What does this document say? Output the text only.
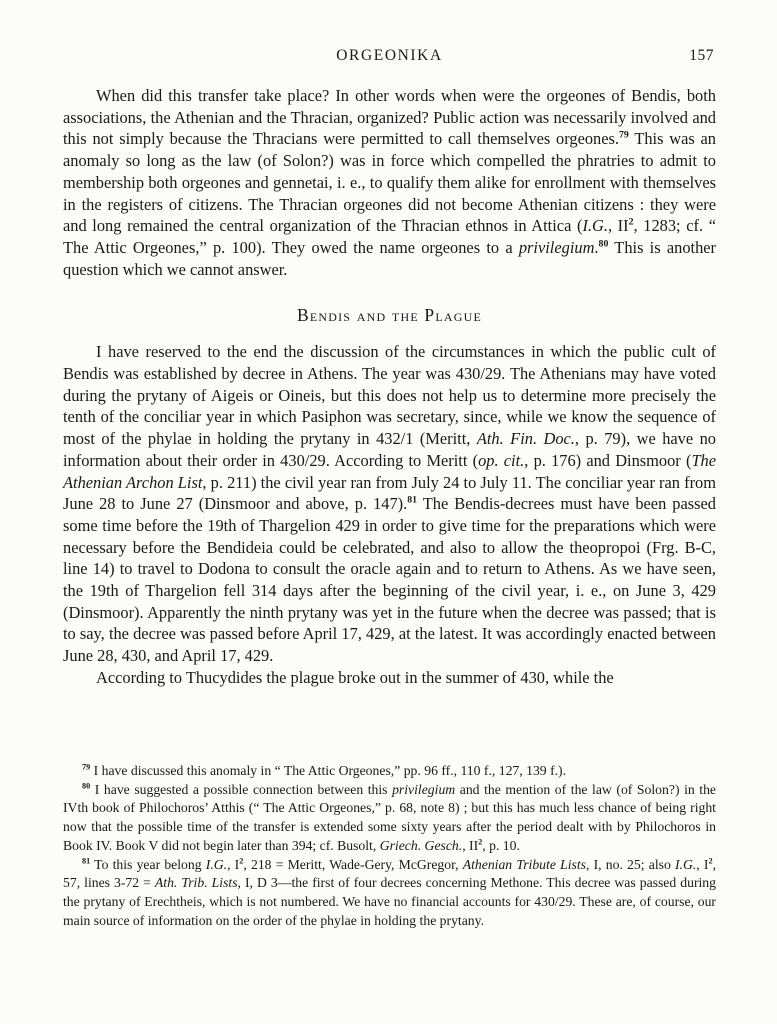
ORGEONIKA	157
When did this transfer take place? In other words when were the orgeones of Bendis, both associations, the Athenian and the Thracian, organized? Public action was necessarily involved and this not simply because the Thracians were permitted to call themselves orgeones.$^{79}$ This was an anomaly so long as the law (of Solon?) was in force which compelled the phratries to admit to membership both orgeones and gennetai, i. e., to qualify them alike for enrollment with themselves in the registers of citizens. The Thracian orgeones did not become Athenian citizens : they were and long remained the central organization of the Thracian ethnos in Attica (I.G., II$^2$, 1283; cf. “ The Attic Orgeones,” p. 100). They owed the name orgeones to a privilegium.$^{80}$ This is another question which we cannot answer.
Bendis and the Plague
I have reserved to the end the discussion of the circumstances in which the public cult of Bendis was established by decree in Athens. The year was 430/29. The Athenians may have voted during the prytany of Aigeis or Oineis, but this does not help us to determine more precisely the tenth of the conciliar year in which Pasiphon was secretary, since, while we know the sequence of most of the phylae in holding the prytany in 432/1 (Meritt, Ath. Fin. Doc., p. 79), we have no information about their order in 430/29. According to Meritt (op. cit., p. 176) and Dinsmoor (The Athenian Archon List, p. 211) the civil year ran from July 24 to July 11. The conciliar year ran from June 28 to June 27 (Dinsmoor and above, p. 147).$^{81}$ The Bendis-decrees must have been passed some time before the 19th of Thargelion 429 in order to give time for the preparations which were necessary before the Bendideia could be celebrated, and also to allow the theopropoi (Frg. B-C, line 14) to travel to Dodona to consult the oracle again and to return to Athens. As we have seen, the 19th of Thargelion fell 314 days after the beginning of the civil year, i. e., on June 3, 429 (Dinsmoor). Apparently the ninth prytany was yet in the future when the decree was passed; that is to say, the decree was passed before April 17, 429, at the latest. It was accordingly enacted between June 28, 430, and April 17, 429.
According to Thucydides the plague broke out in the summer of 430, while the
$^{79}$ I have discussed this anomaly in “ The Attic Orgeones,” pp. 96 ff., 110 f., 127, 139 f.).
$^{80}$ I have suggested a possible connection between this privilegium and the mention of the law (of Solon?) in the IVth book of Philochoros’ Atthis (“ The Attic Orgeones,” p. 68, note 8) ; but this has much less chance of being right now that the possible time of the transfer is extended some sixty years after the period dealt with by Philochoros in Book IV. Book V did not begin later than 394; cf. Busolt, Griech. Gesch., II$^2$, p. 10.
$^{81}$ To this year belong I.G., I$^2$, 218 = Meritt, Wade-Gery, McGregor, Athenian Tribute Lists, I, no. 25; also I.G., I$^2$, 57, lines 3-72 = Ath. Trib. Lists, I, D 3—the first of four decrees concerning Methone. This decree was passed during the prytany of Erechtheis, which is not numbered. We have no financial accounts for 430/29. These are, of course, our main source of information on the order of the phylae in holding the prytany.
